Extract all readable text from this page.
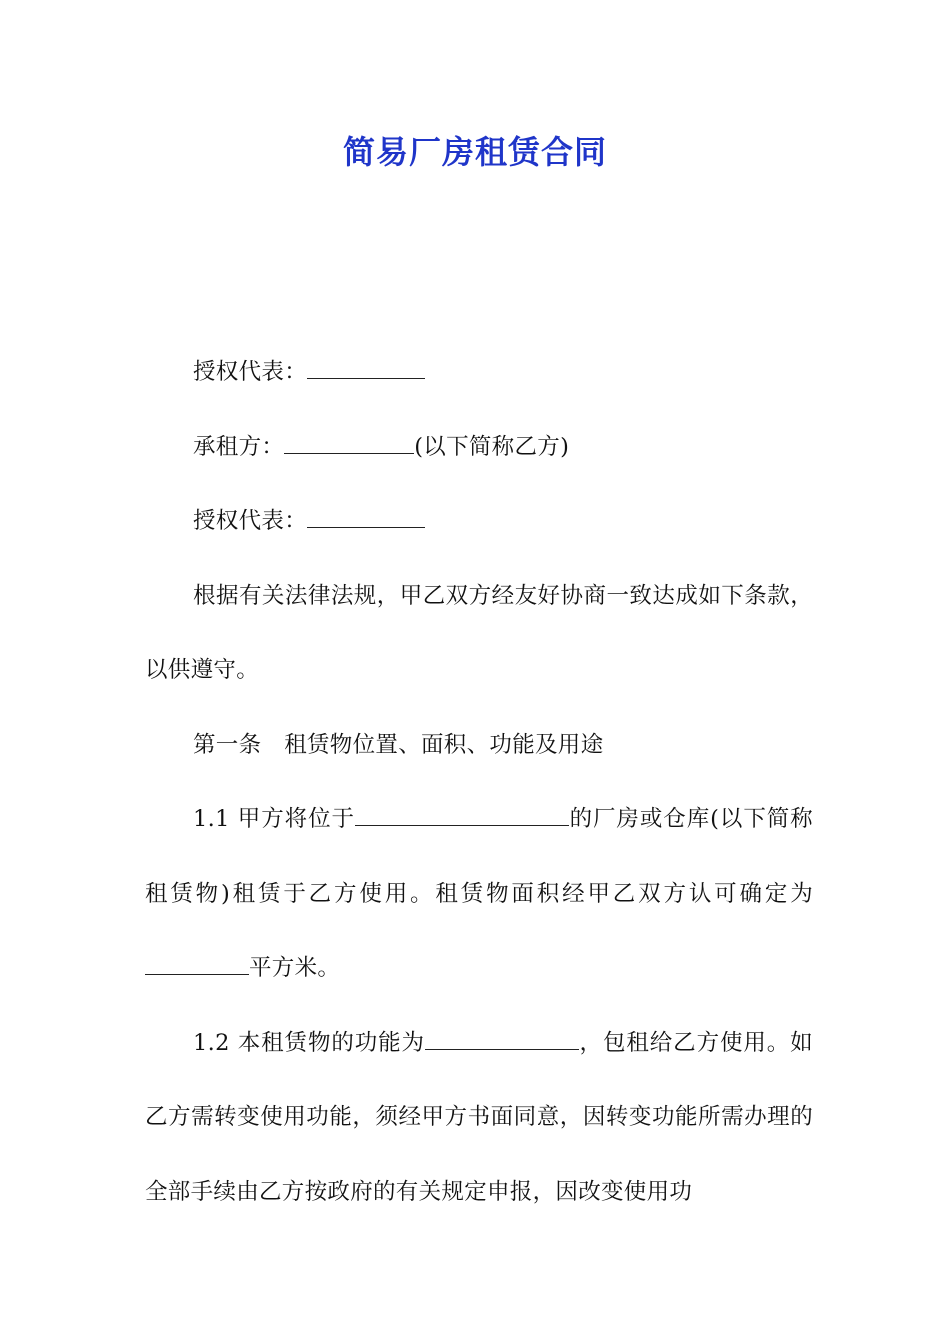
简易厂房租赁合同

授权代表：

承租方：	(以下简称乙方)

授权代表：

根据有关法律法规，甲乙双方经友好协商一致达成如下条款，以供遵守。

第一条　租赁物位置、面积、功能及用途

1.1 甲方将位于	的厂房或仓库(以下简称租赁物)租赁于乙方使用。租赁物面积经甲乙双方认可确定为平方米。

1.2 本租赁物的功能为	，包租给乙方使用。如乙方需转变使用功能，须经甲方书面同意，因转变功能所需办理的全部手续由乙方按政府的有关规定申报，因改变使用功
